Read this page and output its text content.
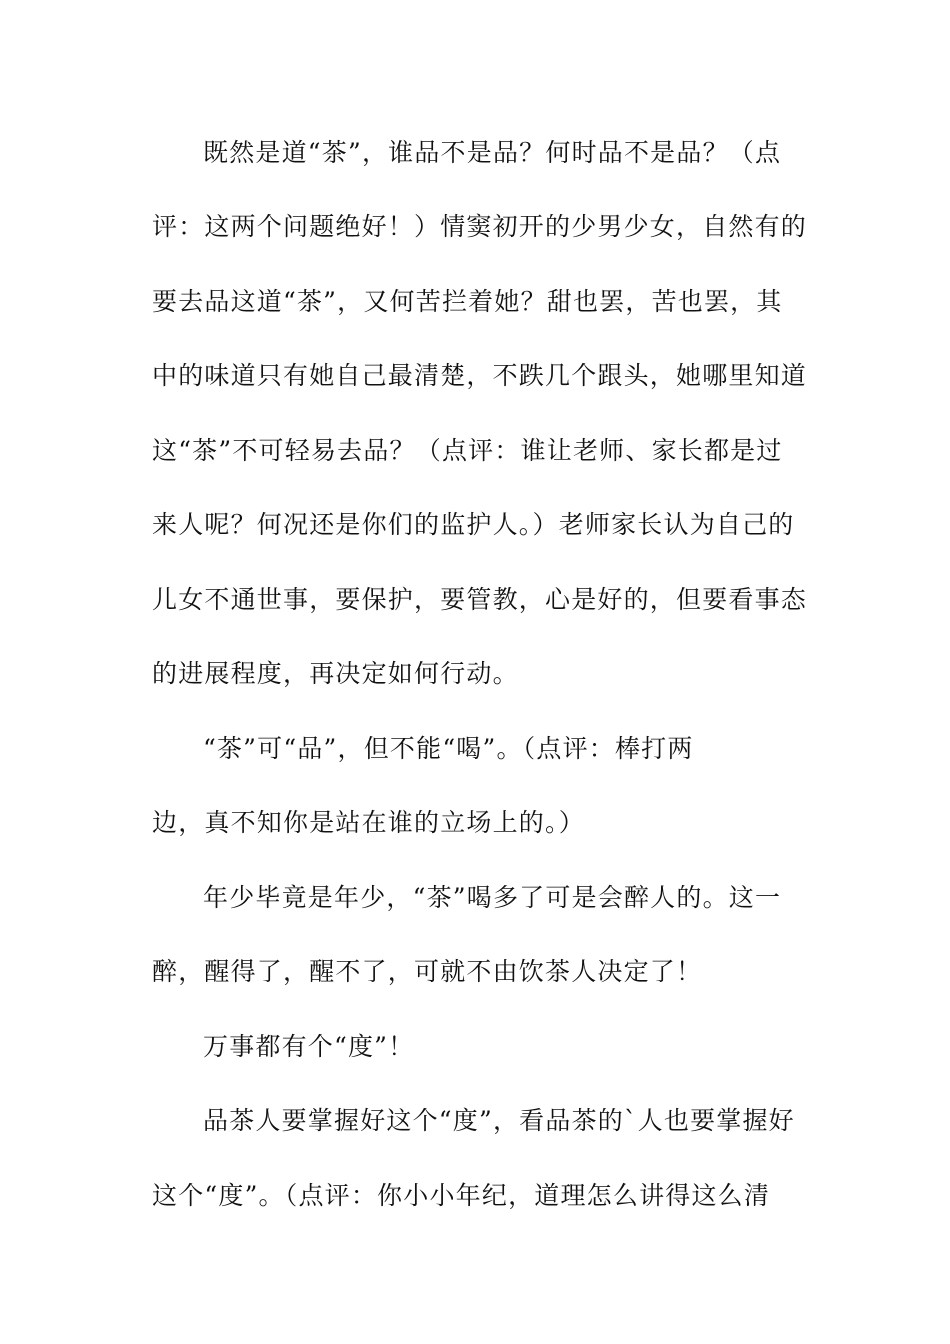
既然是道“茶”，谁品不是品？何时品不是品？（点
评：这两个问题绝好！）情窦初开的少男少女，自然有的
要去品这道“茶”，又何苦拦着她？甜也罢，苦也罢，其
中的味道只有她自己最清楚，不跌几个跟头，她哪里知道
这“茶”不可轻易去品？（点评：谁让老师、家长都是过
来人呢？何况还是你们的监护人。）老师家长认为自己的
儿女不通世事，要保护，要管教，心是好的，但要看事态
的进展程度，再决定如何行动。
“茶”可“品”，但不能“喝”。（点评：棒打两
边，真不知你是站在谁的立场上的。）
年少毕竟是年少，“茶”喝多了可是会醉人的。这一
醉，醒得了，醒不了，可就不由饮茶人决定了！
万事都有个“度”！
品茶人要掌握好这个“度”，看品茶的`人也要掌握好
这个“度”。（点评：你小小年纪，道理怎么讲得这么清
